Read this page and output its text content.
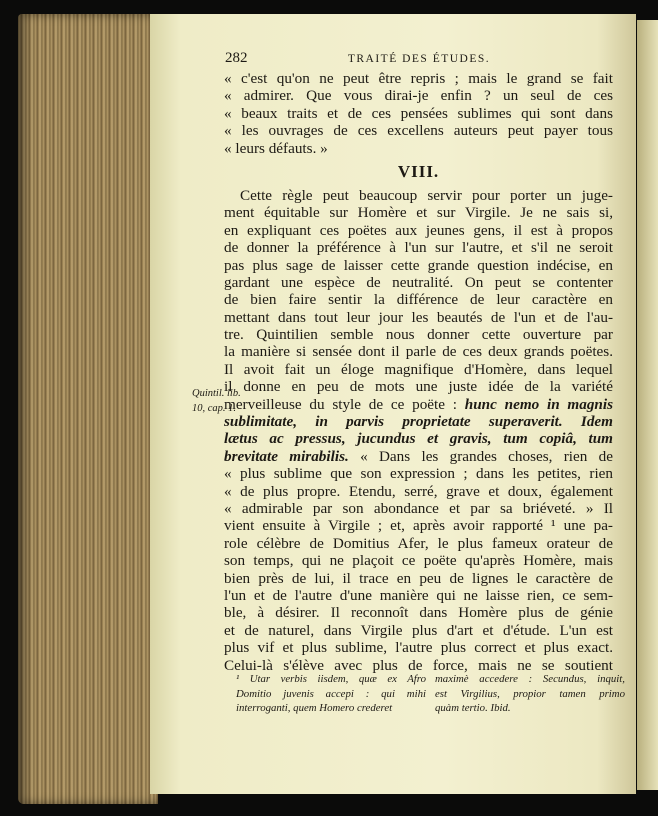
282	TRAITÉ DES ÉTUDES.
« c'est qu'on ne peut être repris ; mais le grand se fait
« admirer. Que vous dirai-je enfin ? un seul de ces
« beaux traits et de ces pensées sublimes qui sont dans
« les ouvrages de ces excellens auteurs peut payer tous
« leurs défauts. »
VIII.
Cette règle peut beaucoup servir pour porter un juge-
ment équitable sur Homère et sur Virgile. Je ne sais si,
en expliquant ces poëtes aux jeunes gens, il est à propos
de donner la préférence à l'un sur l'autre, et s'il ne seroit
pas plus sage de laisser cette grande question indécise, en
gardant une espèce de neutralité. On peut se contenter
de bien faire sentir la différence de leur caractère en
mettant dans tout leur jour les beautés de l'un et de l'au-
tre. Quintilien semble nous donner cette ouverture par
la manière si sensée dont il parle de ces deux grands poëtes.
Il avoit fait un éloge magnifique d'Homère, dans lequel
il donne en peu de mots une juste idée de la variété
merveilleuse du style de ce poëte : hunc nemo in magnis
sublimitate, in parvis proprietate superaverit. Idem
lætus ac pressus, jucundus et gravis, tum copiâ, tum
brevitate mirabilis. « Dans les grandes choses, rien de
« plus sublime que son expression ; dans les petites, rien
« de plus propre. Etendu, serré, grave et doux, également
« admirable par son abondance et par sa briéveté. » Il
vient ensuite à Virgile ; et, après avoir rapporté ¹ une pa-
role célèbre de Domitius Afer, le plus fameux orateur de
son temps, qui ne plaçoit ce poëte qu'après Homère, mais
bien près de lui, il trace en peu de lignes le caractère de
l'un et de l'autre d'une manière qui ne laisse rien, ce sem-
ble, à désirer. Il reconnoît dans Homère plus de génie
et de naturel, dans Virgile plus d'art et d'étude. L'un est
plus vif et plus sublime, l'autre plus correct et plus exact.
Celui-là s'élève avec plus de force, mais ne se soutient
Quintil. lib.
10, cap. 1.
¹ Utar verbis iisdem, quæ ex Afro
Domitio juvenis accepi : qui mihi
interroganti, quem Homero crederet
maximè accedere : Secundus, inquit,
est Virgilius, propior tamen primo
quàm tertio. Ibid.
